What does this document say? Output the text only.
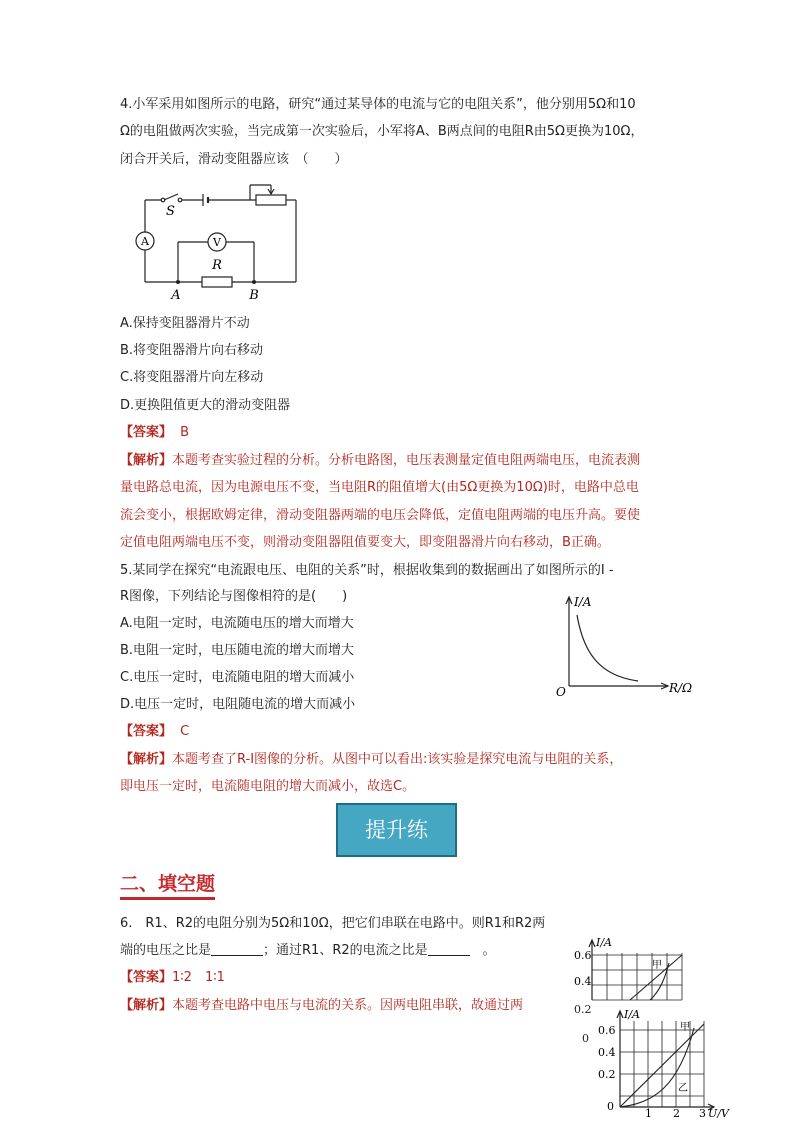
4.小军采用如图所示的电路，研究“通过某导体的电流与它的电阻关系”，他分别用5Ω和10
Ω的电阻做两次实验，当完成第一次实验后，小军将A、B两点间的电阻R由5Ω更换为10Ω，
闭合开关后，滑动变阻器应该　（　　）
S
A	V
R
A	B
A.保持变阻器滑片不动
B.将变阻器滑片向右移动
C.将变阻器滑片向左移动
D.更换阻值更大的滑动变阻器
【答案】 B
【解析】本题考查实验过程的分析。分析电路图，电压表测量定值电阻两端电压，电流表测
量电路总电流，因为电源电压不变，当电阻R的阻值增大(由5Ω更换为10Ω)时，电路中总电
流会变小，根据欧姆定律，滑动变阻器两端的电压会降低，定值电阻两端的电压升高。要使
定值电阻两端电压不变，则滑动变阻器阻值要变大，即变阻器滑片向右移动，B正确。
5.某同学在探究“电流跟电压、电阻的关系”时，根据收集到的数据画出了如图所示的I -
R图像，下列结论与图像相符的是(　　)	I/A
R/Ω
O
A.电阻一定时，电流随电压的增大而增大
B.电阻一定时，电压随电流的增大而增大
C.电压一定时，电流随电阻的增大而减小
D.电压一定时，电阻随电流的增大而减小
【答案】 C
【解析】本题考查了R-I图像的分析。从图中可以看出:该实验是探究电流与电阻的关系，
即电压一定时，电流随电阻的增大而减小，故选C。
提升练
二、填空题
6.　R1、R2的电阻分别为5Ω和10Ω，把它们串联在电路中。则R1和R2两
端的电压之比是	；通过R1、R2的电流之比是	　。
【答案】1∶2　1∶1
【解析】本题考查电路中电压与电流的关系。因两电阻串联，故通过两
I/A
0.6
0.4
甲
0.2
0
I/A
0.6
0.4
0.2
0
1 2 3 U/V
甲
乙
